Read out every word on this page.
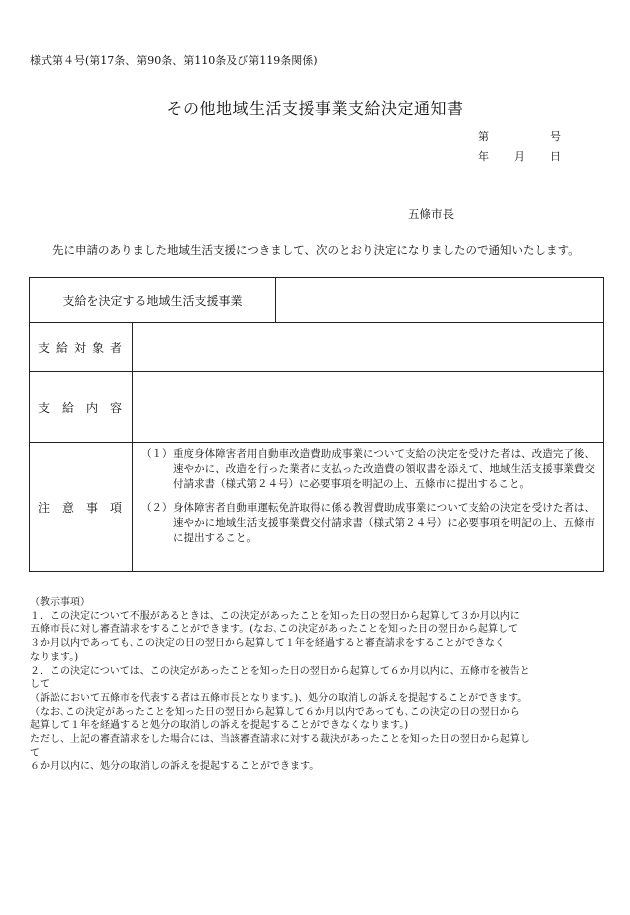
様式第４号(第17条、第90条、第110条及び第119条関係)
その他地域生活支援事業支給決定通知書
第	号
年 月 日
五條市長
先に申請のありました地域生活支援につきまして、次のとおり決定になりましたので通知いたします。
支給を決定する地域生活支援事業		
支給対象者		
支　給　内　容		
注　意　事　項	（１） 重度身体障害者用自動車改造費助成事業について支給の決定を受けた者は、改造完了後、速やかに、改造を行った業者に支払った改造費の領収書を添えて、地域生活支援事業費交付請求書（様式第２４号）に必要事項を明記の上、五條市に提出すること。
（２） 身体障害者自動車運転免許取得に係る教習費助成事業について支給の決定を受けた者は、速やかに地域生活支援事業費交付請求書（様式第２４号）に必要事項を明記の上、五條市に提出すること。	
（教示事項）
１．この決定について不服があるときは、この決定があったことを知った日の翌日から起算して３か月以内に
五條市長に対し審査請求をすることができます。(なお､この決定があったことを知った日の翌日から起算して
３か月以内であっても､この決定の日の翌日から起算して１年を経過すると審査請求をすることができなく
なります。)
２．この決定については、この決定があったことを知った日の翌日から起算して６か月以内に、五條市を被告と
して
（訴訟において五條市を代表する者は五條市長となります。)、処分の取消しの訴えを提起することができます。
（なお､この決定があったことを知った日の翌日から起算して６か月以内であっても､この決定の日の翌日から
起算して１年を経過すると処分の取消しの訴えを提起することができなくなります。)
ただし、上記の審査請求をした場合には、当該審査請求に対する裁決があったことを知った日の翌日から起算し
て
６か月以内に、処分の取消しの訴えを提起することができます。
